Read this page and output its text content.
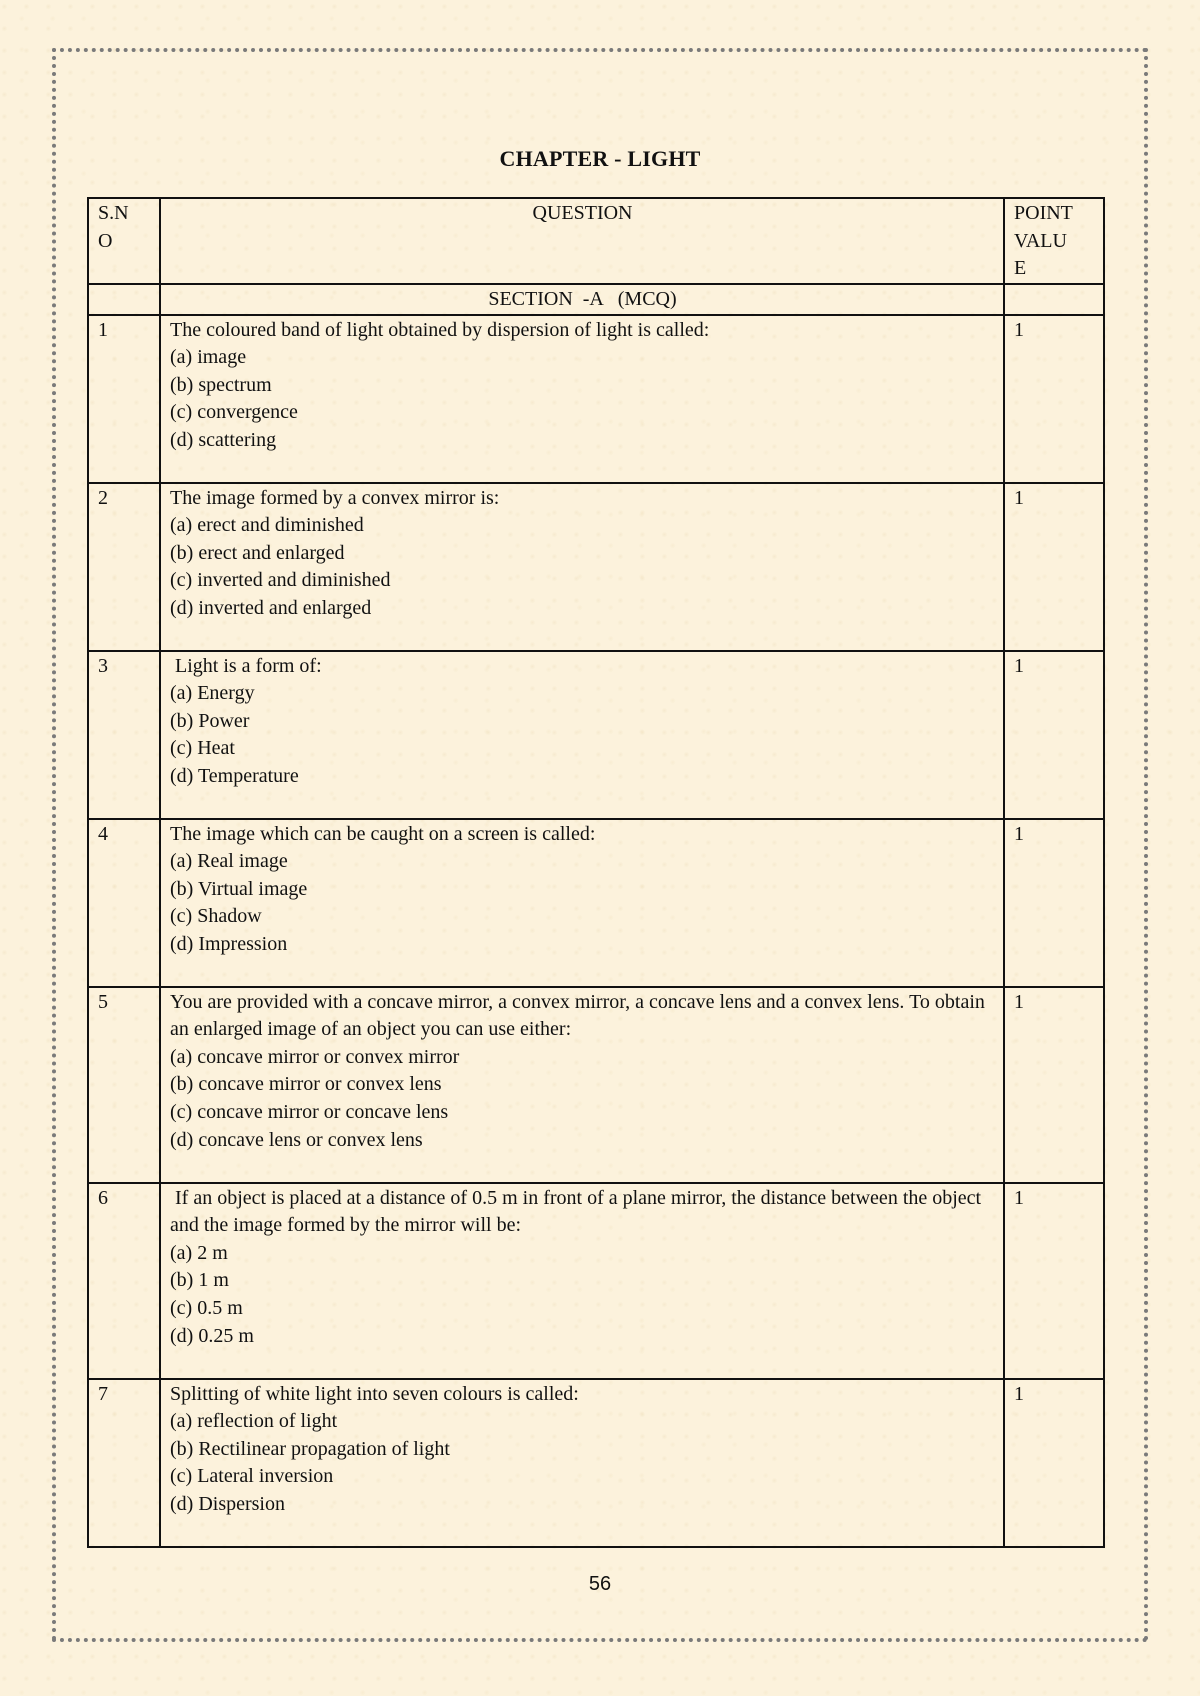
CHAPTER - LIGHT
S.N
O	QUESTION	POINT
VALU
E

	SECTION  -A   (MCQ)	
1	The coloured band of light obtained by dispersion of light is called:
(a) image
(b) spectrum
(c) convergence
(d) scattering	1
2	The image formed by a convex mirror is:
(a) erect and diminished
(b) erect and enlarged
(c) inverted and diminished
(d) inverted and enlarged	1
3	Light is a form of:
(a) Energy
(b) Power
(c) Heat
(d) Temperature	1
4	The image which can be caught on a screen is called:
(a) Real image
(b) Virtual image
(c) Shadow
(d) Impression	1
5	You are provided with a concave mirror, a convex mirror, a concave lens and a convex lens. To obtain an enlarged image of an object you can use either:
(a) concave mirror or convex mirror
(b) concave mirror or convex lens
(c) concave mirror or concave lens
(d) concave lens or convex lens	1
6	If an object is placed at a distance of 0.5 m in front of a plane mirror, the distance between the object and the image formed by the mirror will be:
(a) 2 m
(b) 1 m
(c) 0.5 m
(d) 0.25 m	1
7	Splitting of white light into seven colours is called:
(a) reflection of light
(b) Rectilinear propagation of light
(c) Lateral inversion
(d) Dispersion	1
56
